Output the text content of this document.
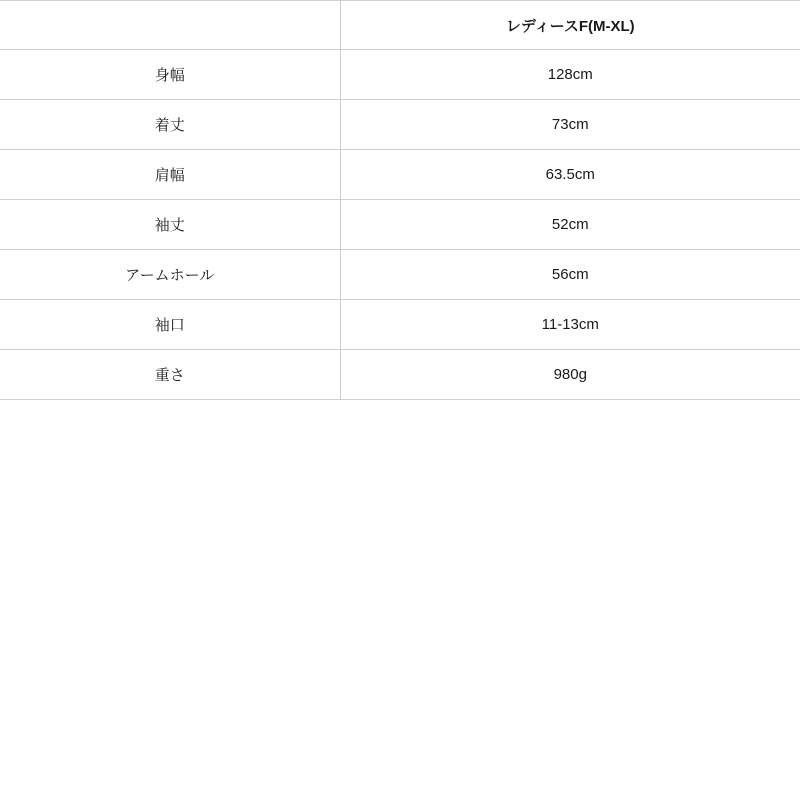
	レディースF(M-XL)
身幅	128cm
着丈	73cm
肩幅	63.5cm
袖丈	52cm
アームホール	56cm
袖口	11-13cm
重さ	980g
